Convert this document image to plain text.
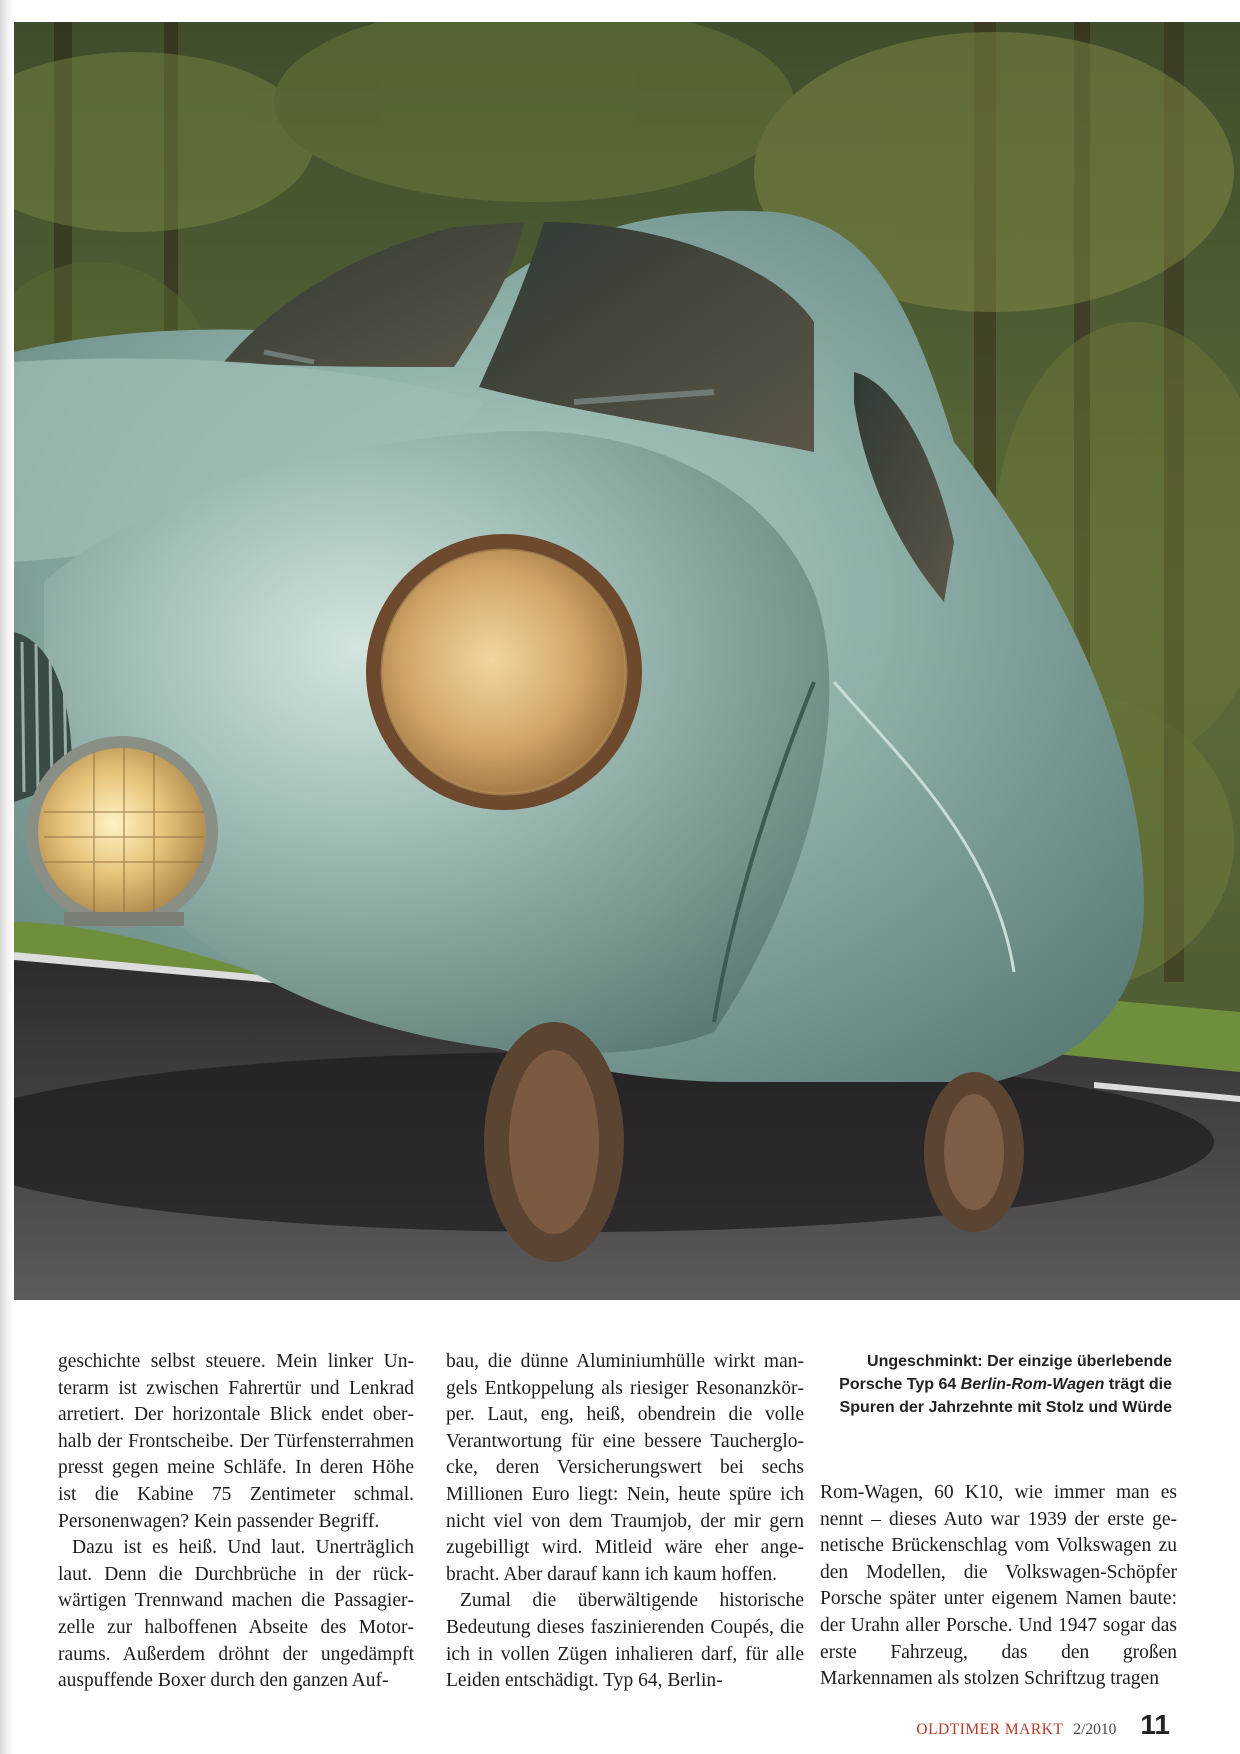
geschichte selbst steuere. Mein linker Unterarm ist zwischen Fahrertür und Lenkrad arretiert. Der horizontale Blick endet oberhalb der Frontscheibe. Der Türfensterrahmen presst gegen meine Schläfe. In deren Höhe ist die Kabine 75 Zentimeter schmal. Personenwagen? Kein passender Begriff.

Dazu ist es heiß. Und laut. Unerträglich laut. Denn die Durchbrüche in der rückwärtigen Trennwand machen die Passagierzelle zur halboffenen Abseite des Motorraums. Außerdem dröhnt der ungedämpft auspuffende Boxer durch den ganzen Auf-

bau, die dünne Aluminiumhülle wirkt mangels Entkoppelung als riesiger Resonanzkörper. Laut, eng, heiß, obendrein die volle Verantwortung für eine bessere Taucherglocke, deren Versicherungswert bei sechs Millionen Euro liegt: Nein, heute spüre ich nicht viel von dem Traumjob, der mir gern zugebilligt wird. Mitleid wäre eher angebracht. Aber darauf kann ich kaum hoffen.

Zumal die überwältigende historische Bedeutung dieses faszinierenden Coupés, die ich in vollen Zügen inhalieren darf, für alle Leiden entschädigt. Typ 64, Berlin-

Ungeschminkt: Der einzige überlebende Porsche Typ 64 Berlin-Rom-Wagen trägt die Spuren der Jahrzehnte mit Stolz und Würde

Rom-Wagen, 60 K10, wie immer man es nennt – dieses Auto war 1939 der erste genetische Brückenschlag vom Volkswagen zu den Modellen, die Volkswagen-Schöpfer Porsche später unter eigenem Namen baute: der Urahn aller Porsche. Und 1947 sogar das erste Fahrzeug, das den großen Markennamen als stolzen Schriftzug tragen

OLDTIMER MARKT 2/2010 11
